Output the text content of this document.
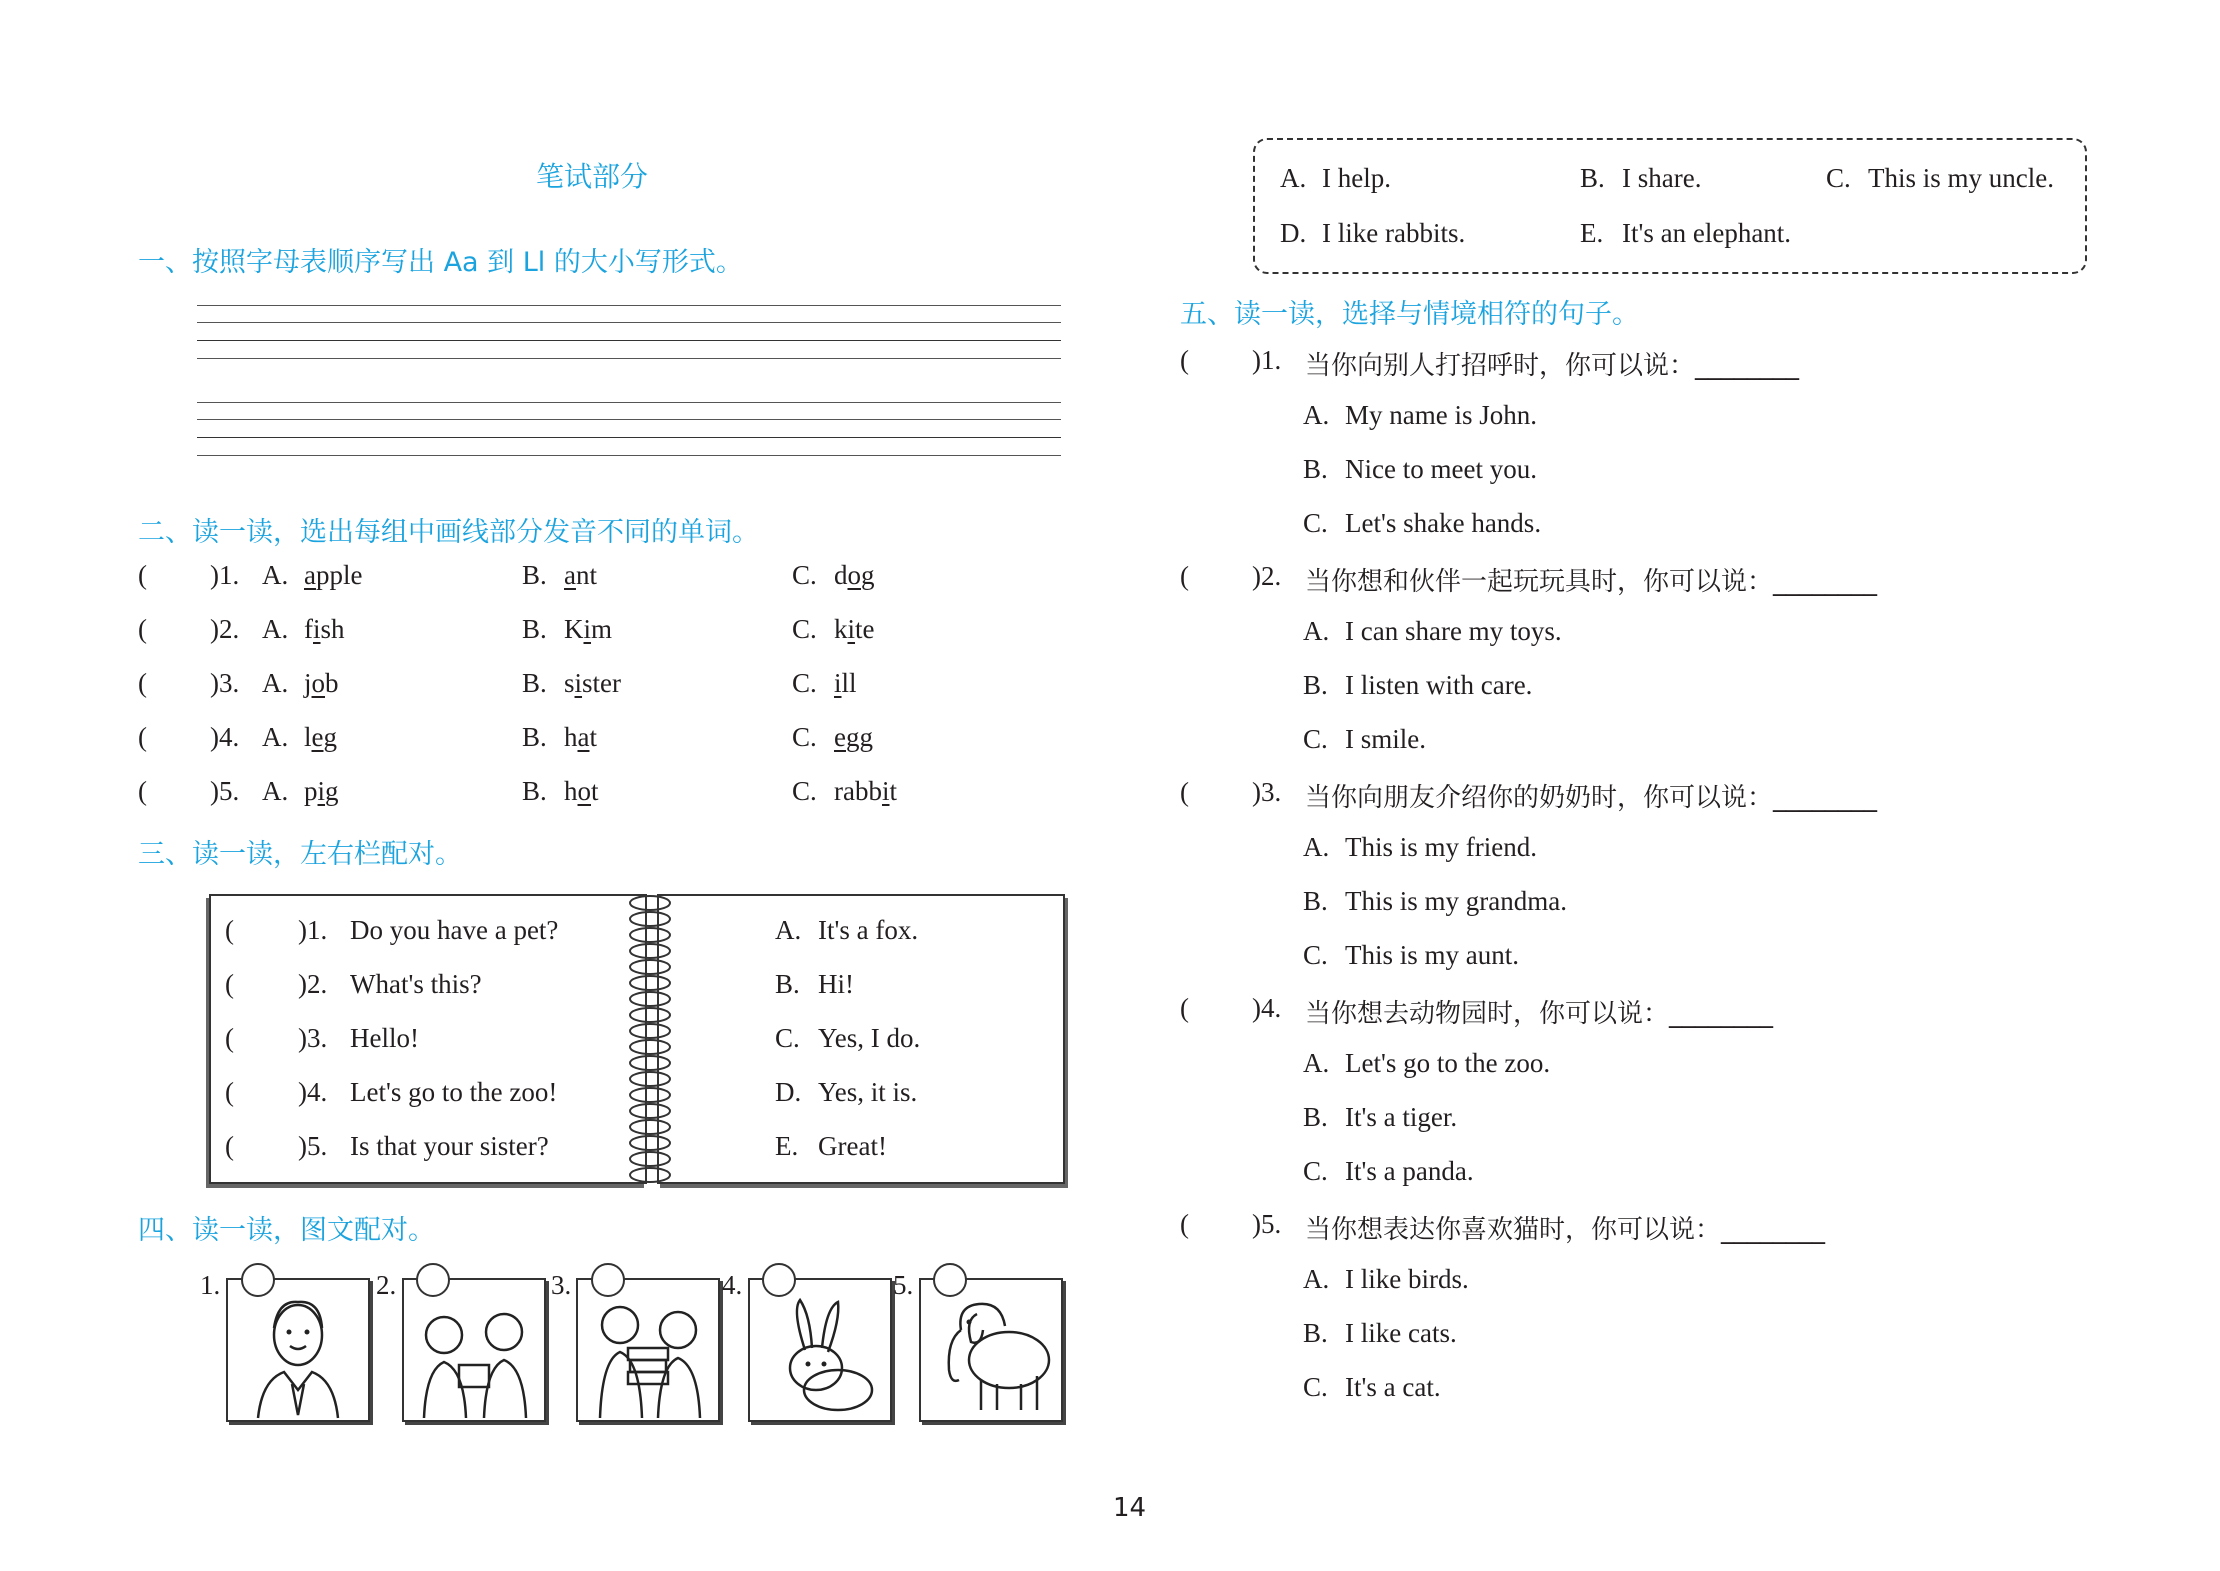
笔试部分
一、按照字母表顺序写出 Aa 到 Ll 的大小写形式。
二、读一读，选出每组中画线部分发音不同的单词。
( )1. A. apple	B. ant	C. dog
( )2. A. fish	B. Kim	C. kite
( )3. A. job	B. sister	C. ill
( )4. A. leg	B. hat	C. egg
( )5. A. pig	B. hot	C. rabbit
三、读一读，左右栏配对。
( )1. Do you have a pet?	A. It's a fox.
( )2. What's this?	B. Hi!
( )3. Hello!	C. Yes, I do.
( )4. Let's go to the zoo!	D. Yes, it is.
( )5. Is that your sister?	E. Great!
四、读一读，图文配对。
1.	2.	3.	4.	5.
A. I help.	B. I share.	C. This is my uncle.
D. I like rabbits.	E. It's an elephant.
五、读一读，选择与情境相符的句子。
( )1. 当你向别人打招呼时，你可以说：________
A. My name is John.
B. Nice to meet you.
C. Let's shake hands.
( )2. 当你想和伙伴一起玩玩具时，你可以说：________
A. I can share my toys.
B. I listen with care.
C. I smile.
( )3. 当你向朋友介绍你的奶奶时，你可以说：________
A. This is my friend.
B. This is my grandma.
C. This is my aunt.
( )4. 当你想去动物园时，你可以说：________
A. Let's go to the zoo.
B. It's a tiger.
C. It's a panda.
( )5. 当你想表达你喜欢猫时，你可以说：________
A. I like birds.
B. I like cats.
C. It's a cat.
14
